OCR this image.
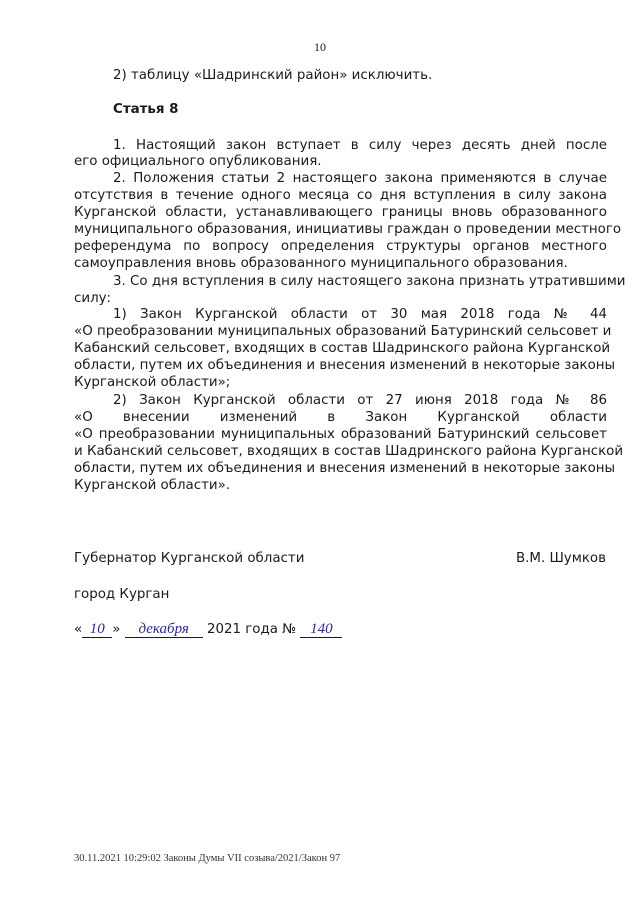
10
2) таблицу «Шадринский район» исключить.
Статья 8
1. Настоящий закон вступает в силу через десять дней после
его официального опубликования.
2. Положения статьи 2 настоящего закона применяются в случае
отсутствия в течение одного месяца со дня вступления в силу закона
Курганской области, устанавливающего границы вновь образованного
муниципального образования, инициативы граждан о проведении местного
референдума по вопросу определения структуры органов местного
самоуправления вновь образованного муниципального образования.
3. Со дня вступления в силу настоящего закона признать утратившими
силу:
1) Закон Курганской области от 30 мая 2018 года № 44
«О преобразовании муниципальных образований Батуринский сельсовет и
Кабанский сельсовет, входящих в состав Шадринского района Курганской
области, путем их объединения и внесения изменений в некоторые законы
Курганской области»;
2) Закон Курганской области от 27 июня 2018 года № 86
«О внесении изменений в Закон Курганской области
«О преобразовании муниципальных образований Батуринский сельсовет
и Кабанский сельсовет, входящих в состав Шадринского района Курганской
области, путем их объединения и внесения изменений в некоторые законы
Курганской области».
Губернатор Курганской области	В.М. Шумков
город Курган
« 10 » декабря 2021 года № 140
30.11.2021 10:29:02 Законы Думы VII созыва/2021/Закон 97
